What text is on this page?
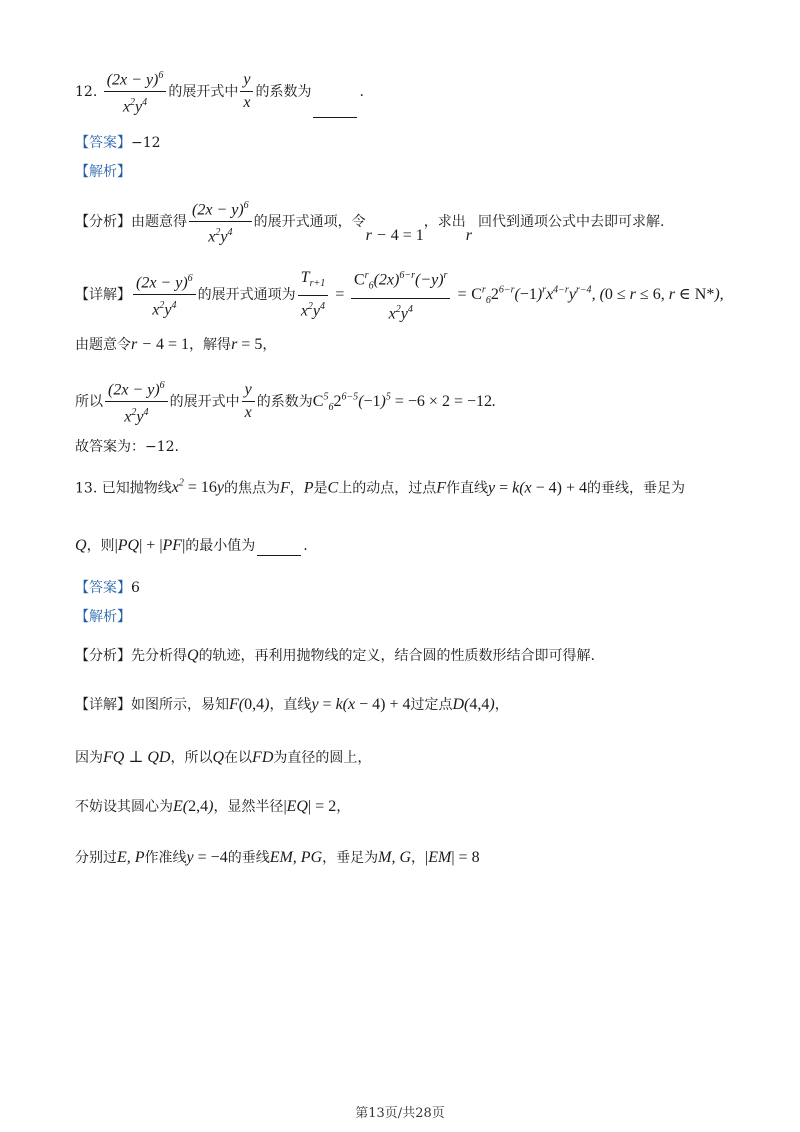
12. $\frac{(2x - y)^6}{x^2y^4}$ 的展开式中 $\frac{y}{x}$ 的系数为	.
【答案】−12
【解析】
【分析】由题意得 $\frac{(2x - y)^6}{x^2y^4}$ 的展开式通项，令r − 4 = 1，求出r回代到通项公式中去即可求解.
【详解】 $\frac{(2x - y)^6}{x^2y^4}$ 的展开式通项为 $\frac{T_{r+1}}{x^2y^4} = \frac{C^r_6(2x)^{6-r}(-y)^r}{x^2y^4} = C^r_62^{6-r}(-1)^rx^{4-r}y^{r-4}$, (0 ≤ r ≤ 6, r ∈ N*),
由题意令r − 4 = 1，解得r = 5，
所以 $\frac{(2x - y)^6}{x^2y^4}$ 的展开式中 $\frac{y}{x}$ 的系数为$C^5_62^{6-5}(-1)^5 = -6 \times 2 = -12$.
故答案为：−12.
13. 已知抛物线$x^2 = 16y$的焦点为F，P是C上的动点，过点F作直线y = k(x − 4) + 4的垂线，垂足为
Q，则|PQ| + |PF|的最小值为	.
【答案】6
【解析】
【分析】先分析得Q的轨迹，再利用抛物线的定义，结合圆的性质数形结合即可得解.
【详解】如图所示，易知F(0,4)，直线y = k(x − 4) + 4过定点D(4,4)，
因为FQ ⊥ QD，所以Q在以FD为直径的圆上，
不妨设其圆心为E(2,4)，显然半径|EQ| = 2，
分别过E, P作准线y = −4的垂线EM, PG，垂足为M, G，|EM| = 8
第13页/共28页
